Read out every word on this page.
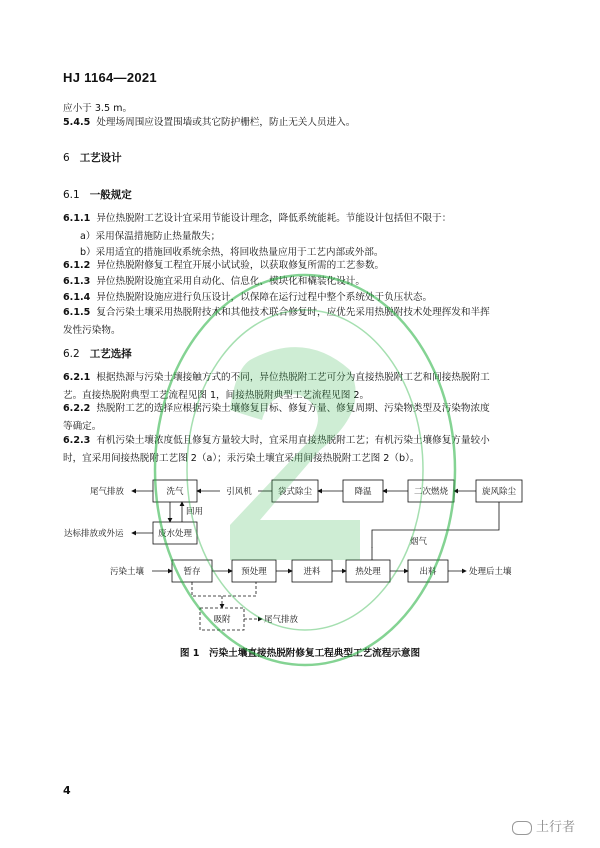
HJ 1164—2021
应小于 3.5 m。
5.4.5 处理场周围应设置围墙或其它防护栅栏，防止无关人员进入。
6 工艺设计
6.1 一般规定
6.1.1 异位热脱附工艺设计宜采用节能设计理念，降低系统能耗。节能设计包括但不限于：
a）采用保温措施防止热量散失；
b）采用适宜的措施回收系统余热，将回收热量应用于工艺内部或外部。
6.1.2 异位热脱附修复工程宜开展小试试验，以获取修复所需的工艺参数。
6.1.3 异位热脱附设施宜采用自动化、信息化、模块化和橇装化设计。
6.1.4 异位热脱附设施应进行负压设计，以保障在运行过程中整个系统处于负压状态。
6.1.5 复合污染土壤采用热脱附技术和其他技术联合修复时，应优先采用热脱附技术处理挥发和半挥
发性污染物。
6.2 工艺选择
6.2.1 根据热源与污染土壤接触方式的不同，异位热脱附工艺可分为直接热脱附工艺和间接热脱附工
艺。直接热脱附典型工艺流程见图 1，间接热脱附典型工艺流程见图 2。
6.2.2 热脱附工艺的选择应根据污染土壤修复目标、修复方量、修复周期、污染物类型及污染物浓度
等确定。
6.2.3 有机污染土壤浓度低且修复方量较大时，宜采用直接热脱附工艺；有机污染土壤修复方量较小
时，宜采用间接热脱附工艺图 2（a）；汞污染土壤宜采用间接热脱附工艺图 2（b）。
洗气
废水处理
袋式除尘	降温	二次燃烧	旋风除尘
暂存	预处理	进料	热处理	出料
吸附
引风机
尾气排放
回用
达标排放或外运
烟气
污染土壤	处理后土壤
尾气排放
图 1　污染土壤直接热脱附修复工程典型工艺流程示意图
4
土行者
